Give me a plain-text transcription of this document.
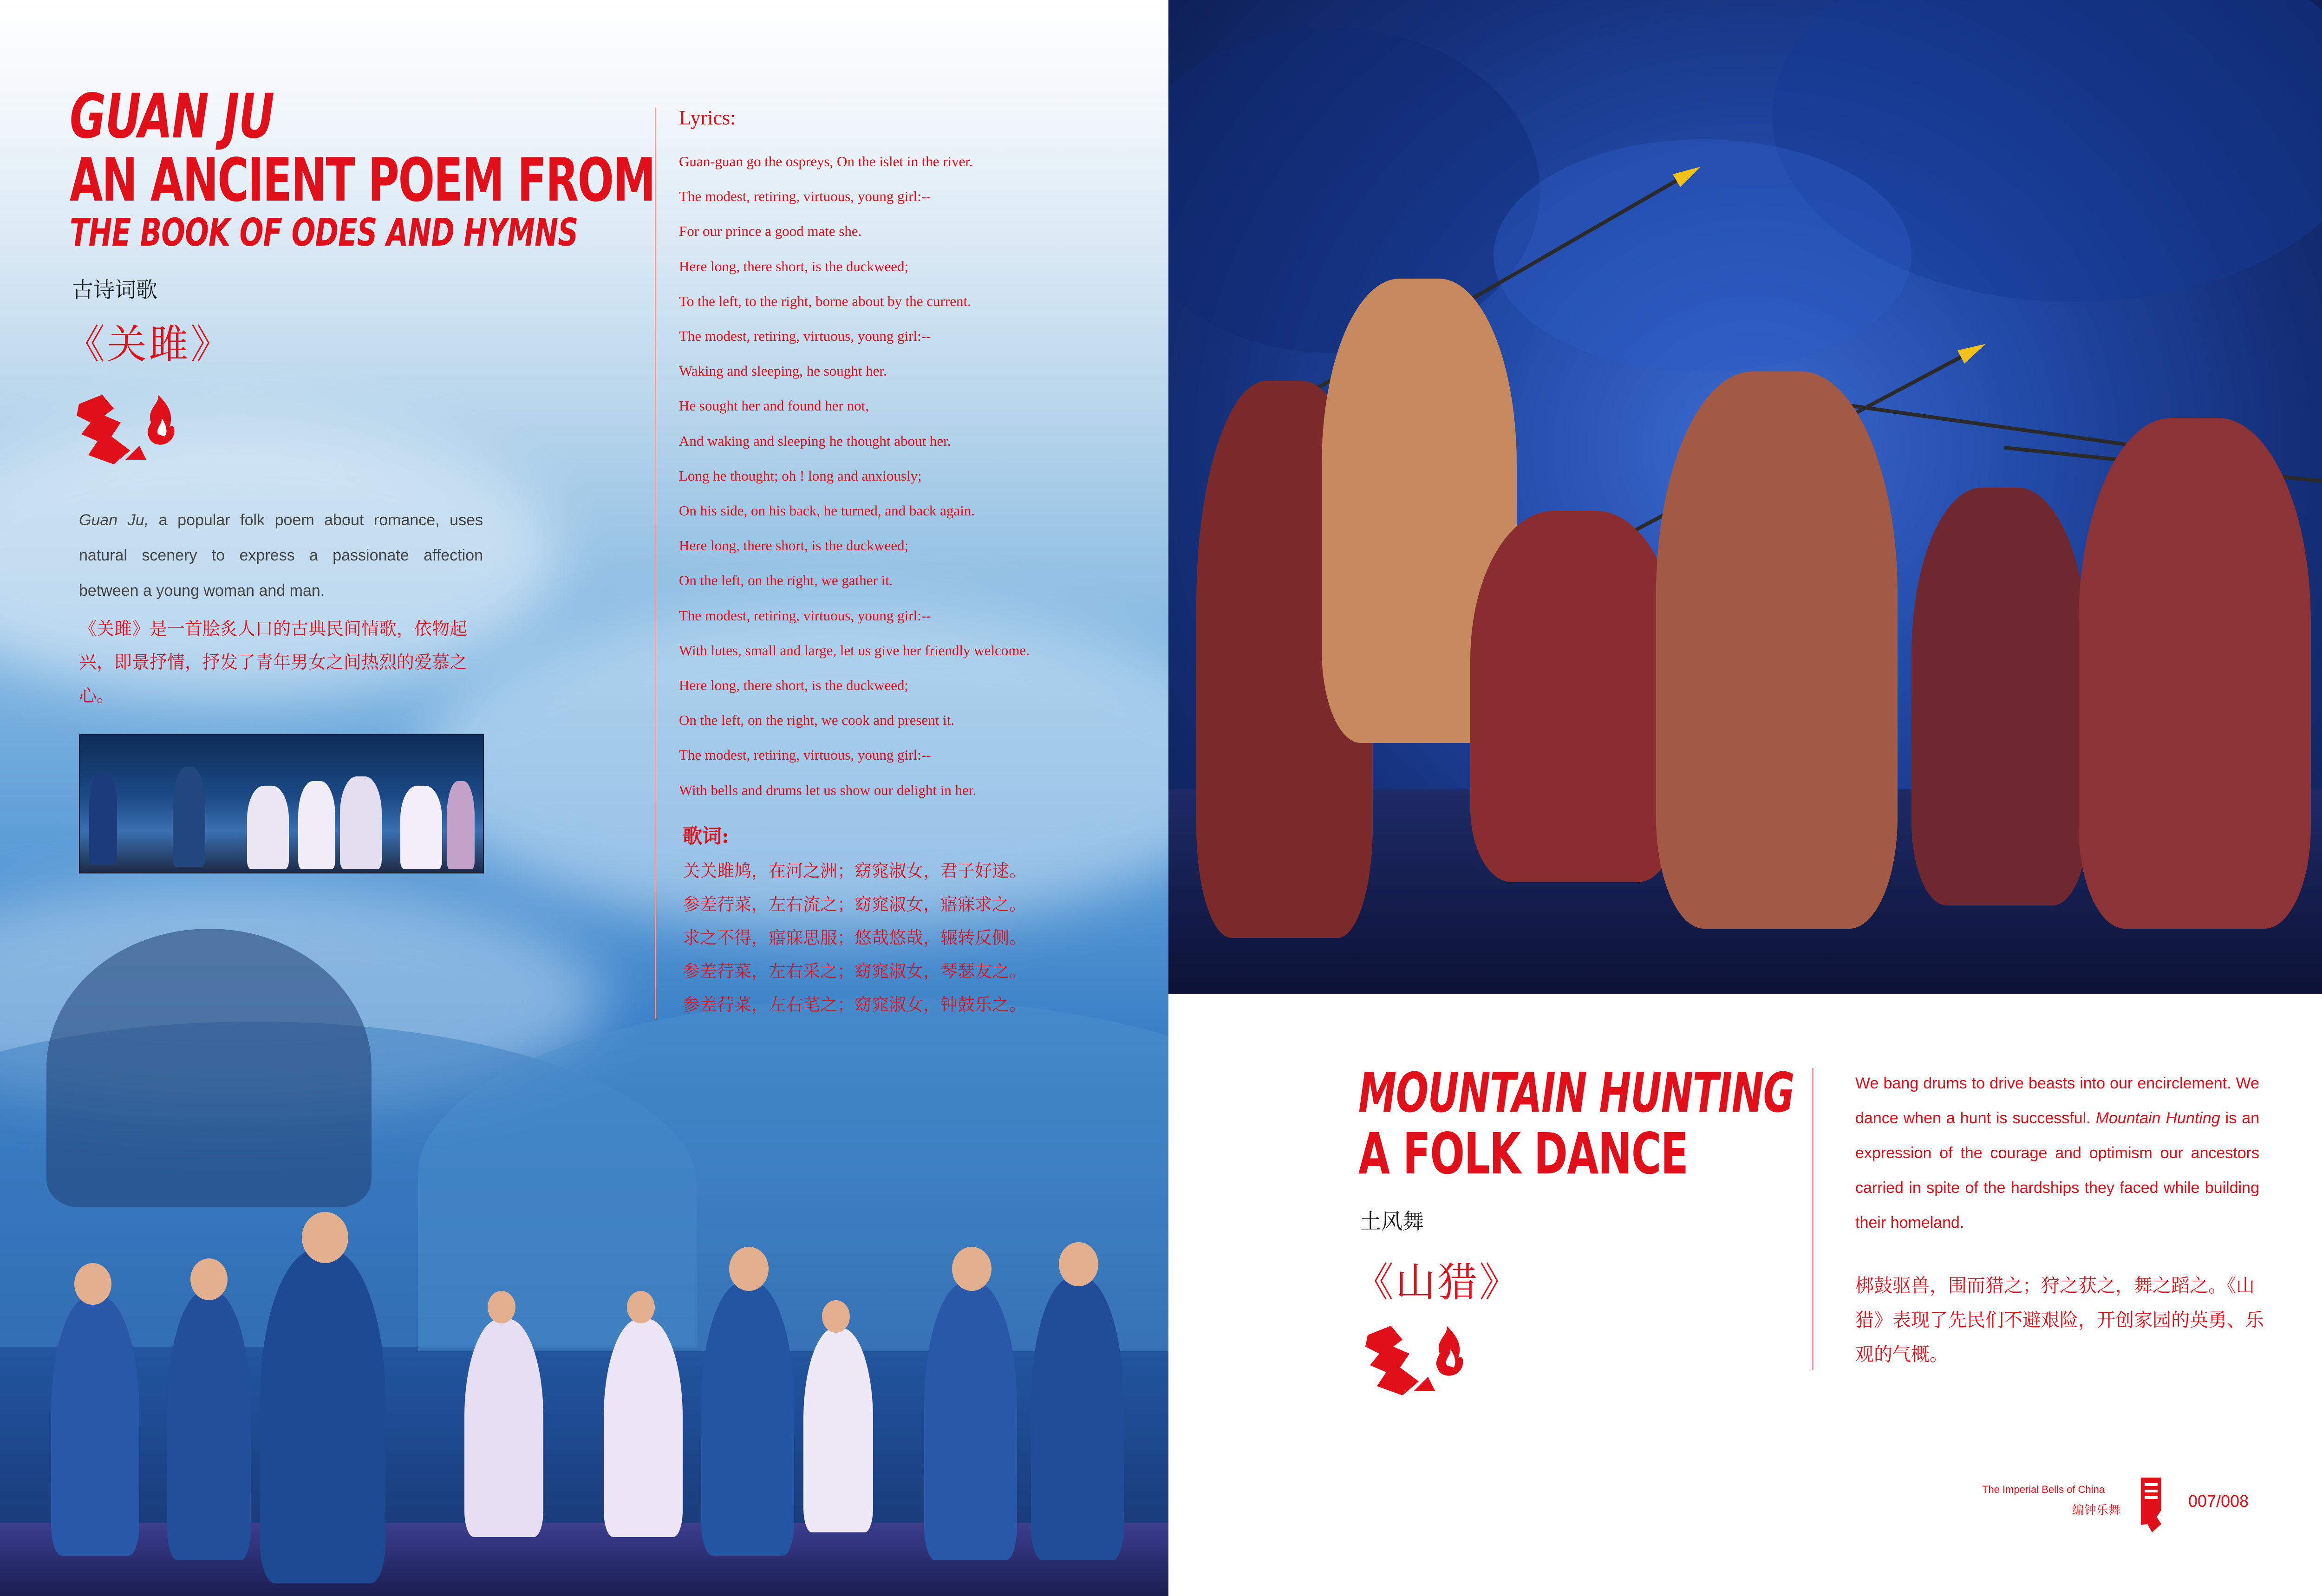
GUAN JU
AN ANCIENT POEM FROM
THE BOOK OF ODES AND HYMNS
古诗词歌
《关雎》

Guan Ju, a popular folk poem about romance, uses natural scenery to express a passionate affection between a young woman and man.

《关雎》是一首脍炙人口的古典民间情歌，依物起兴，即景抒情，抒发了青年男女之间热烈的爱慕之心。

Lyrics:
Guan-guan go the ospreys, On the islet in the river.
The modest, retiring, virtuous, young girl:--
For our prince a good mate she.
Here long, there short, is the duckweed;
To the left, to the right, borne about by the current.
The modest, retiring, virtuous, young girl:--
Waking and sleeping, he sought her.
He sought her and found her not,
And waking and sleeping he thought about her.
Long he thought; oh ! long and anxiously;
On his side, on his back, he turned, and back again.
Here long, there short, is the duckweed;
On the left, on the right, we gather it.
The modest, retiring, virtuous, young girl:--
With lutes, small and large, let us give her friendly welcome.
Here long, there short, is the duckweed;
On the left, on the right, we cook and present it.
The modest, retiring, virtuous, young girl:--
With bells and drums let us show our delight in her.
歌词:
关关雎鸠，在河之洲；窈窕淑女，君子好逑。
参差荇菜，左右流之；窈窕淑女，寤寐求之。
求之不得，寤寐思服；悠哉悠哉，辗转反侧。
参差荇菜，左右采之；窈窕淑女，琴瑟友之。
参差荇菜，左右芼之；窈窕淑女，钟鼓乐之。
MOUNTAIN HUNTING
A FOLK DANCE
土风舞
《山猎》

We bang drums to drive beasts into our encirclement. We dance when a hunt is successful. Mountain Hunting is an expression of the courage and optimism our ancestors carried in spite of the hardships they faced while building their homeland.

梆鼓驱兽，围而猎之；狩之获之，舞之蹈之。《山猎》表现了先民们不避艰险，开创家园的英勇、乐观的气概。

The Imperial Bells of China
编钟乐舞	007/008
